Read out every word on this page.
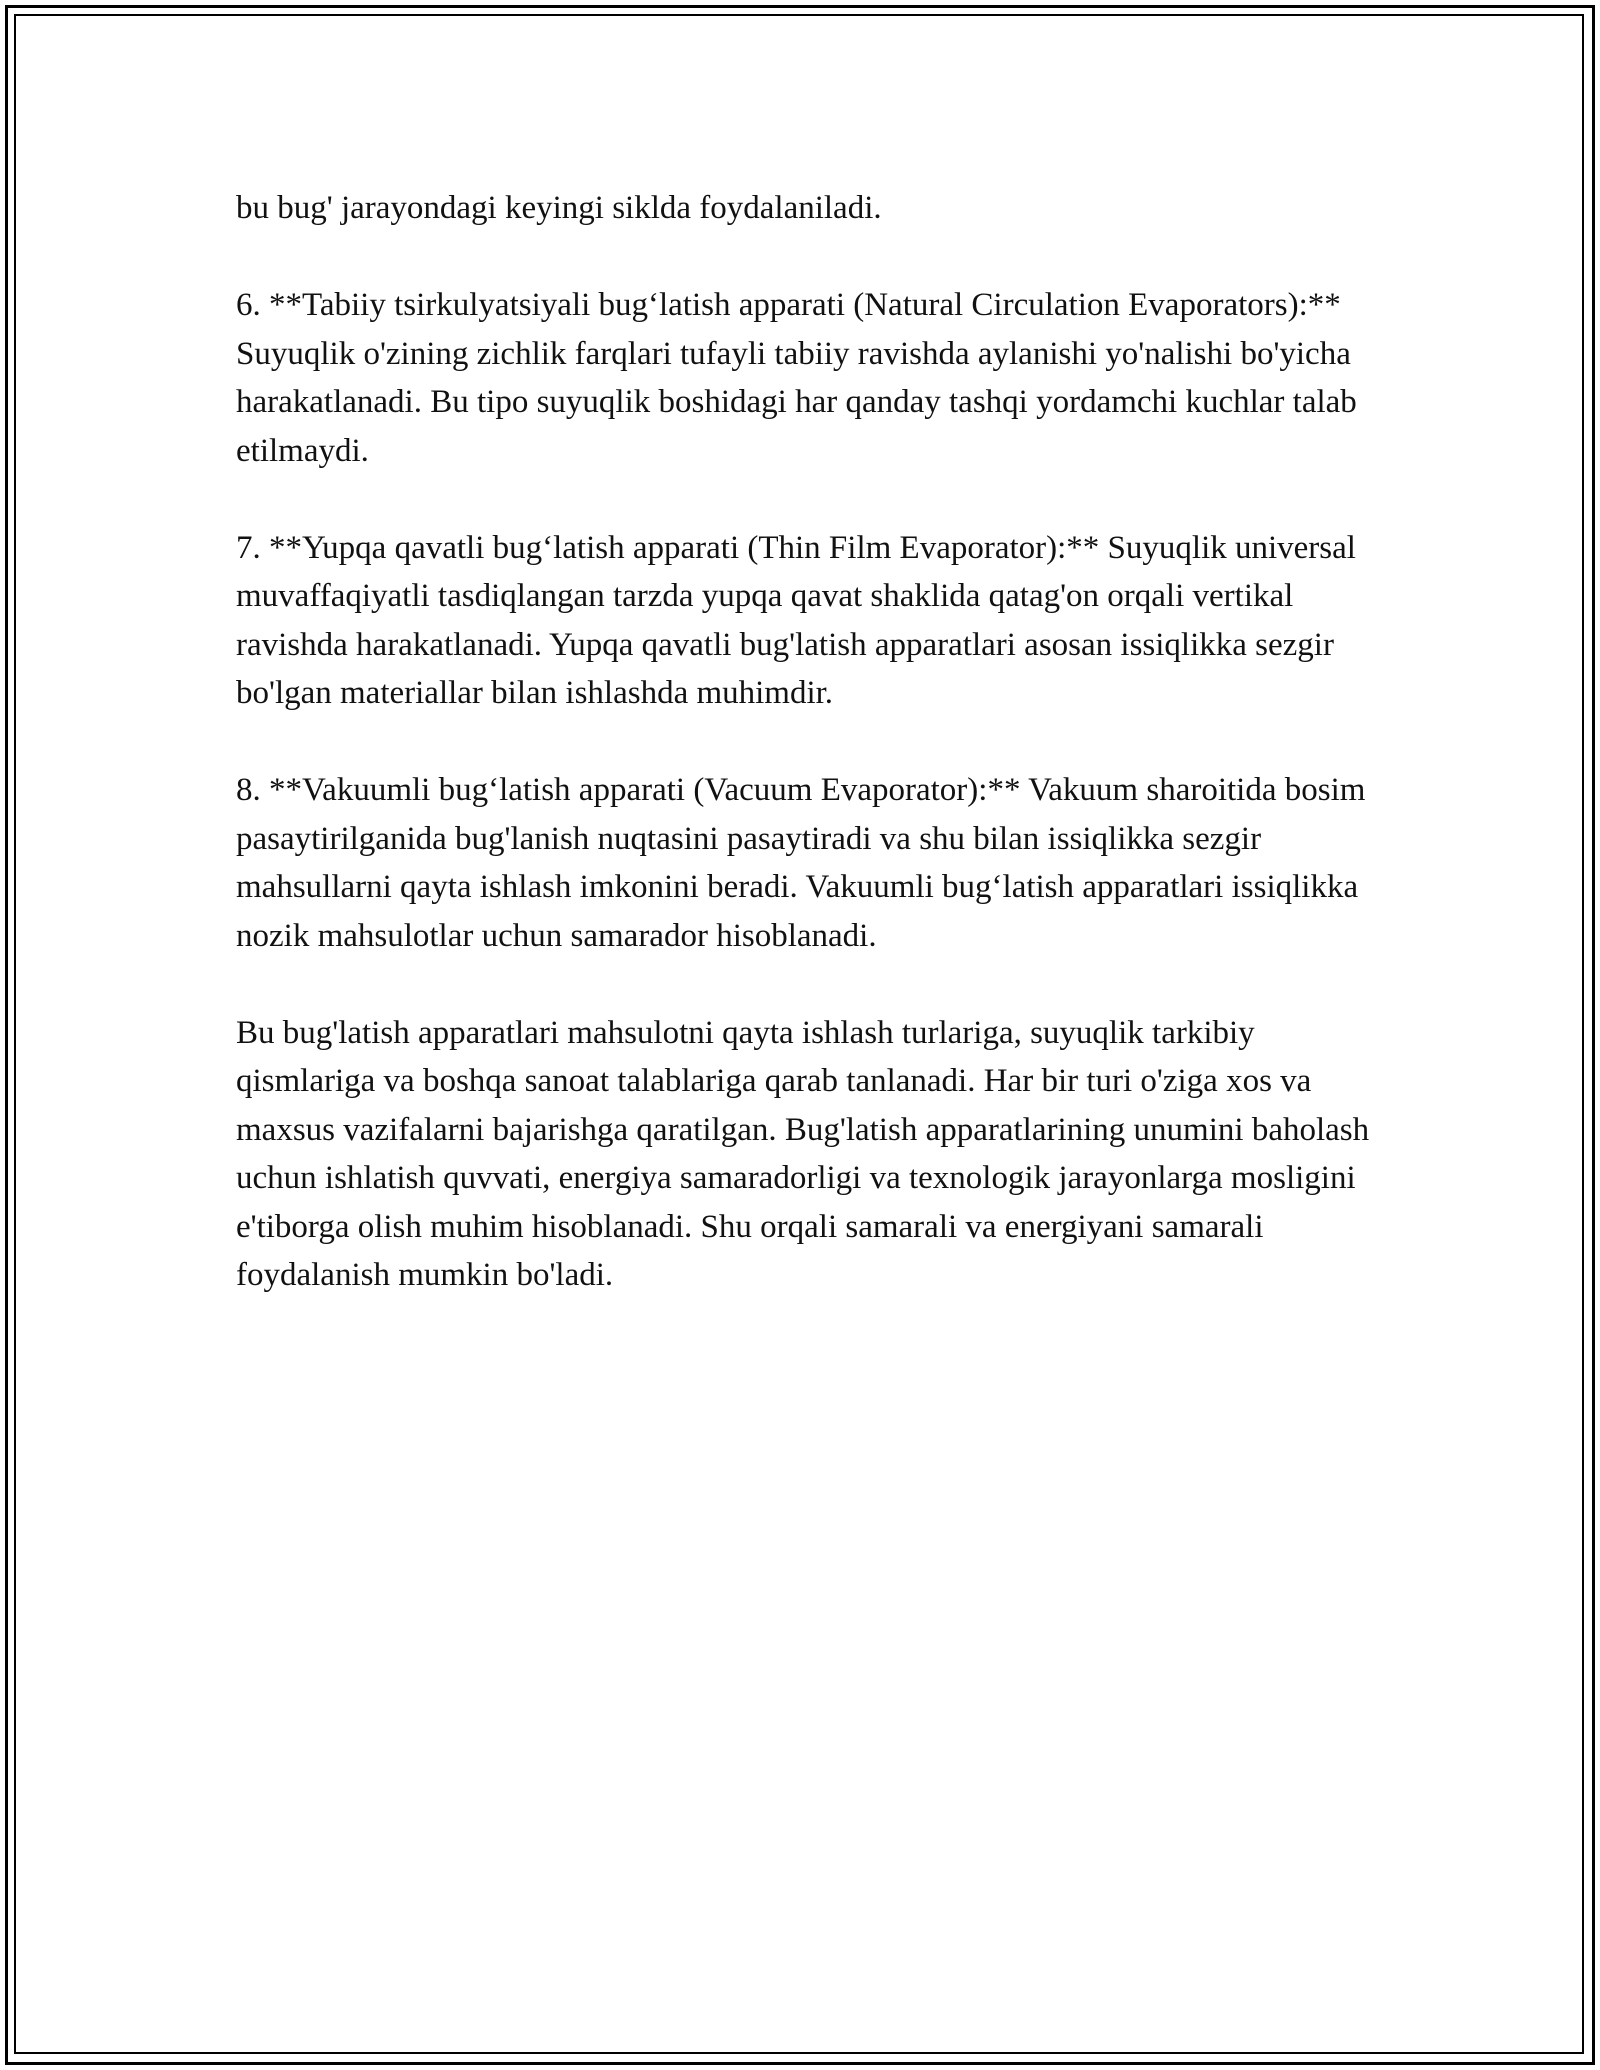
bu bug' jarayondagi keyingi siklda foydalaniladi.

6. **Tabiiy tsirkulyatsiyali bug‘latish apparati (Natural Circulation Evaporators):** Suyuqlik o'zining zichlik farqlari tufayli tabiiy ravishda aylanishi yo'nalishi bo'yicha harakatlanadi. Bu tipo suyuqlik boshidagi har qanday tashqi yordamchi kuchlar talab etilmaydi.

7. **Yupqa qavatli bug‘latish apparati (Thin Film Evaporator):** Suyuqlik universal muvaffaqiyatli tasdiqlangan tarzda yupqa qavat shaklida qatag'on orqali vertikal ravishda harakatlanadi. Yupqa qavatli bug'latish apparatlari asosan issiqlikka sezgir bo'lgan materiallar bilan ishlashda muhimdir.

8. **Vakuumli bug‘latish apparati (Vacuum Evaporator):** Vakuum sharoitida bosim pasaytirilganida bug'lanish nuqtasini pasaytiradi va shu bilan issiqlikka sezgir mahsullarni qayta ishlash imkonini beradi. Vakuumli bug‘latish apparatlari issiqlikka nozik mahsulotlar uchun samarador hisoblanadi.

Bu bug'latish apparatlari mahsulotni qayta ishlash turlariga, suyuqlik tarkibiy qismlariga va boshqa sanoat talablariga qarab tanlanadi. Har bir turi o'ziga xos va maxsus vazifalarni bajarishga qaratilgan. Bug'latish apparatlarining unumini baholash uchun ishlatish quvvati, energiya samaradorligi va texnologik jarayonlarga mosligini e'tiborga olish muhim hisoblanadi. Shu orqali samarali va energiyani samarali foydalanish mumkin bo'ladi.
